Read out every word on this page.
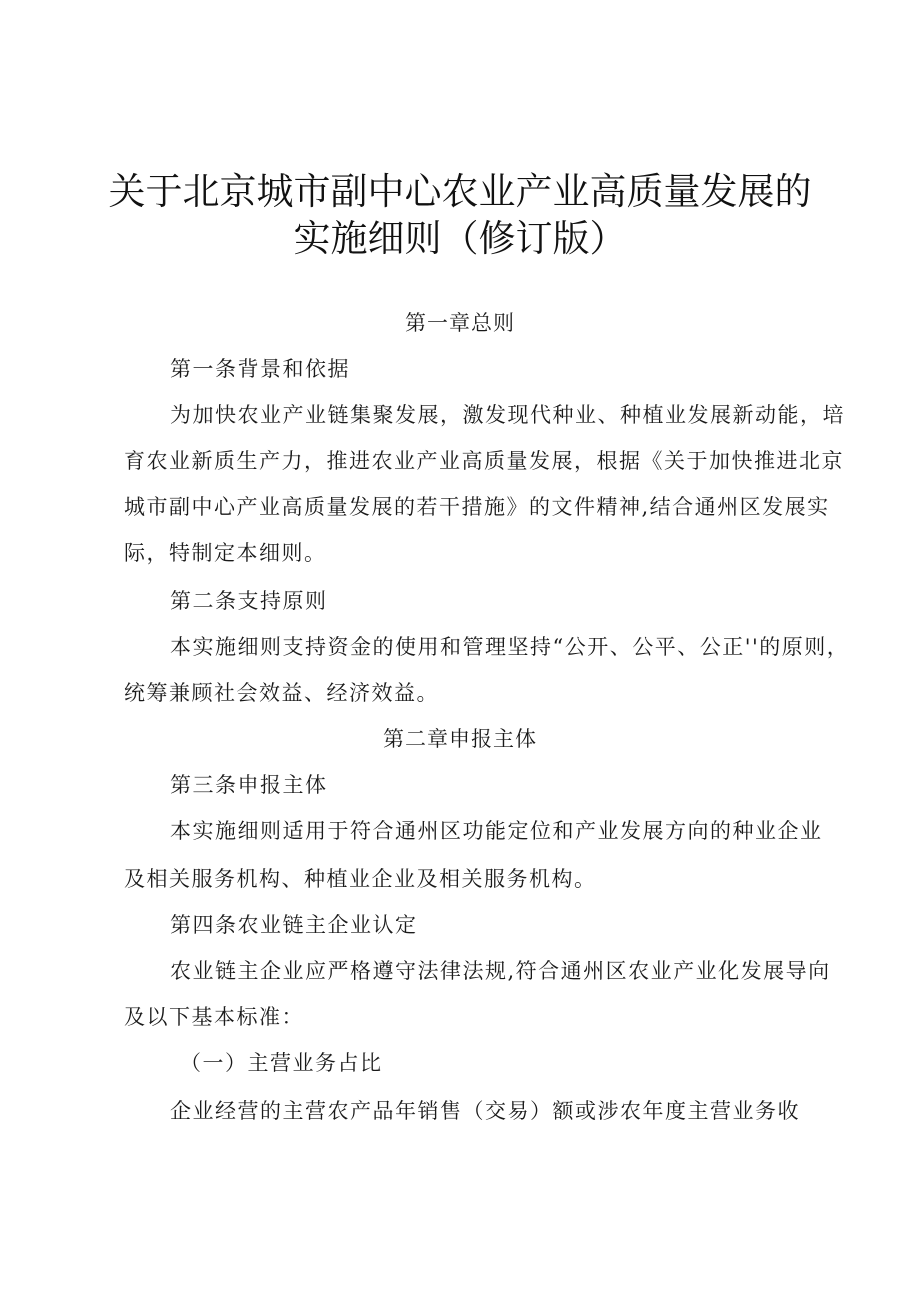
关于北京城市副中心农业产业高质量发展的
实施细则（修订版）
第一章总则
第一条背景和依据
为加快农业产业链集聚发展，激发现代种业、种植业发展新动能，培
育农业新质生产力，推进农业产业高质量发展，根据《关于加快推进北京
城市副中心产业高质量发展的若干措施》的文件精神,结合通州区发展实
际，特制定本细则。
第二条支持原则
本实施细则支持资金的使用和管理坚持“公开、公平、公正''的原则，
统筹兼顾社会效益、经济效益。
第二章申报主体
第三条申报主体
本实施细则适用于符合通州区功能定位和产业发展方向的种业企业
及相关服务机构、种植业企业及相关服务机构。
第四条农业链主企业认定
农业链主企业应严格遵守法律法规,符合通州区农业产业化发展导向
及以下基本标准：
（一）主营业务占比
企业经营的主营农产品年销售（交易）额或涉农年度主营业务收
